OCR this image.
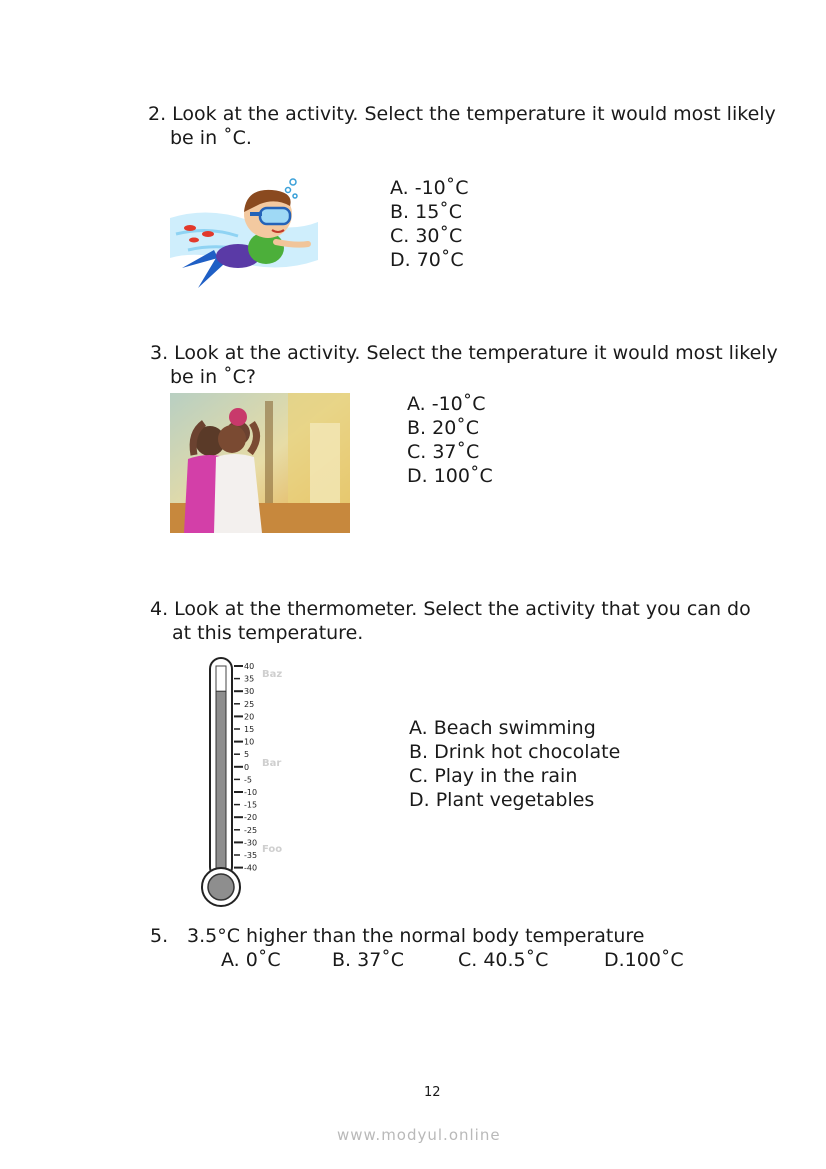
2. Look at the activity. Select the temperature it would most likely
be in ˚C.
A. -10˚C
B. 15˚C
C. 30˚C
D. 70˚C
3. Look at the activity. Select the temperature it would most likely
be in ˚C?
A. -10˚C
B. 20˚C
C. 37˚C
D. 100˚C
4. Look at the thermometer. Select the activity that you can do
at this temperature.
40
35
30
25
20
15
10
5
0
-5
-10
-15
-20
-25
-30
-35
-40
Baz
Bar
Foo
A. Beach swimming
B. Drink hot chocolate
C. Play in the rain
D. Plant vegetables
5. 3.5°C higher than the normal body temperature
A. 0˚C	B. 37˚C	C. 40.5˚C	D.100˚C
12
www.modyul.online
